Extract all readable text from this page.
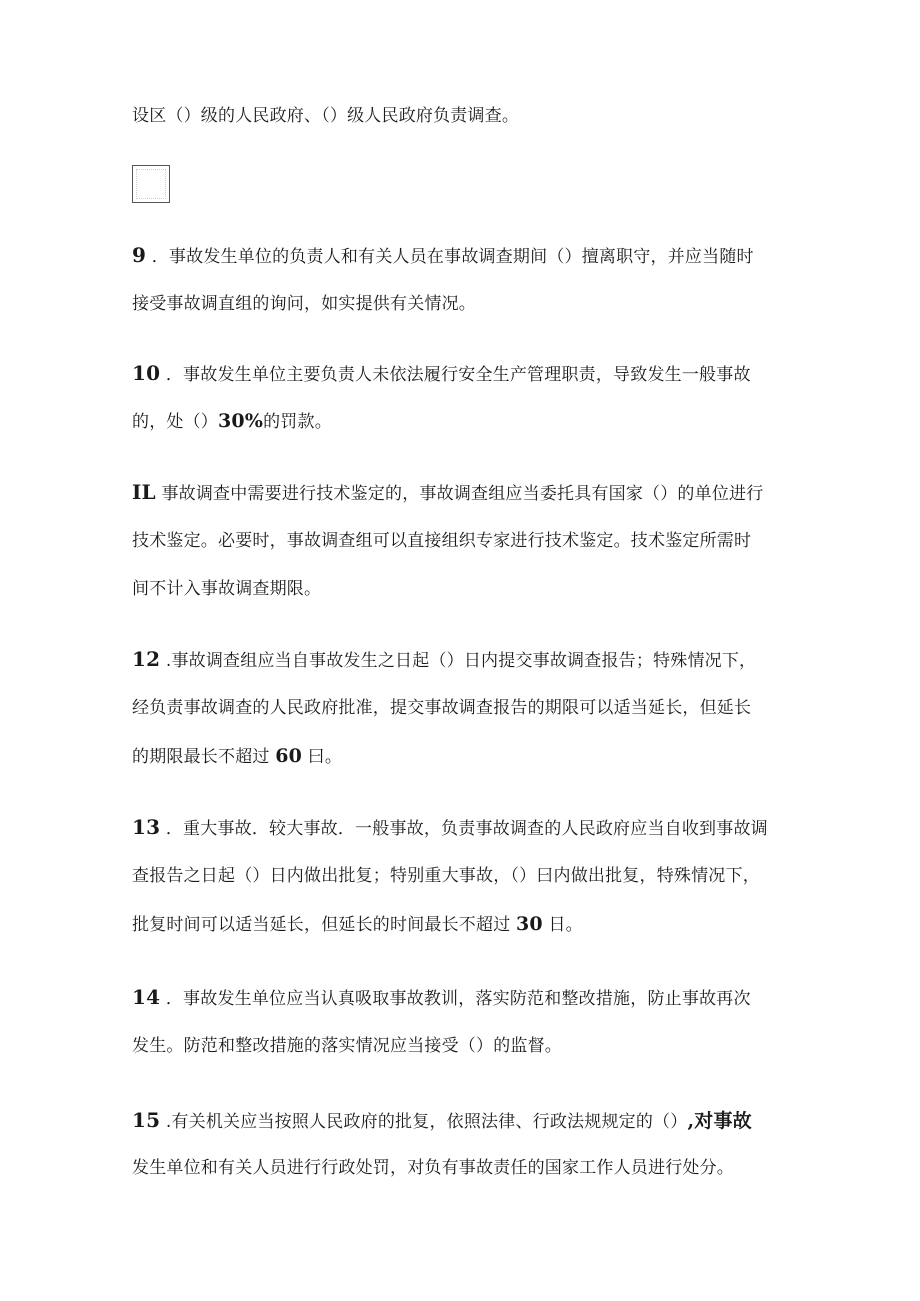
设区（）级的人民政府、（）级人民政府负责调查。
9 ．事故发生单位的负责人和有关人员在事故调查期间（）擅离职守，并应当随时
接受事故调直组的询问，如实提供有关情况。
10 ．事故发生单位主要负责人未依法履行安全生产管理职责，导致发生一般事故
的，处（）30%的罚款。
IL 事故调查中需要进行技术鉴定的，事故调查组应当委托具有国家（）的单位进行
技术鉴定。必要时，事故调查组可以直接组织专家进行技术鉴定。技术鉴定所需时
间不计入事故调查期限。
12 .事故调查组应当自事故发生之日起（）日内提交事故调查报告；特殊情况下，
经负责事故调查的人民政府批准，提交事故调查报告的期限可以适当延长，但延长
的期限最长不超过 60 曰。
13 ．重大事故．较大事故．一般事故，负责事故调查的人民政府应当自收到事故调
查报告之日起（）日内做出批复；特别重大事故，（）曰内做出批复，特殊情况下，
批复时间可以适当延长，但延长的时间最长不超过 30 日。
14 ．事故发生单位应当认真吸取事故教训，落实防范和整改措施，防止事故再次
发生。防范和整改措施的落实情况应当接受（）的监督。
15 .有关机关应当按照人民政府的批复，依照法律、行政法规规定的（）,对事故
发生单位和有关人员进行行政处罚，对负有事故责任的国家工作人员进行处分。
